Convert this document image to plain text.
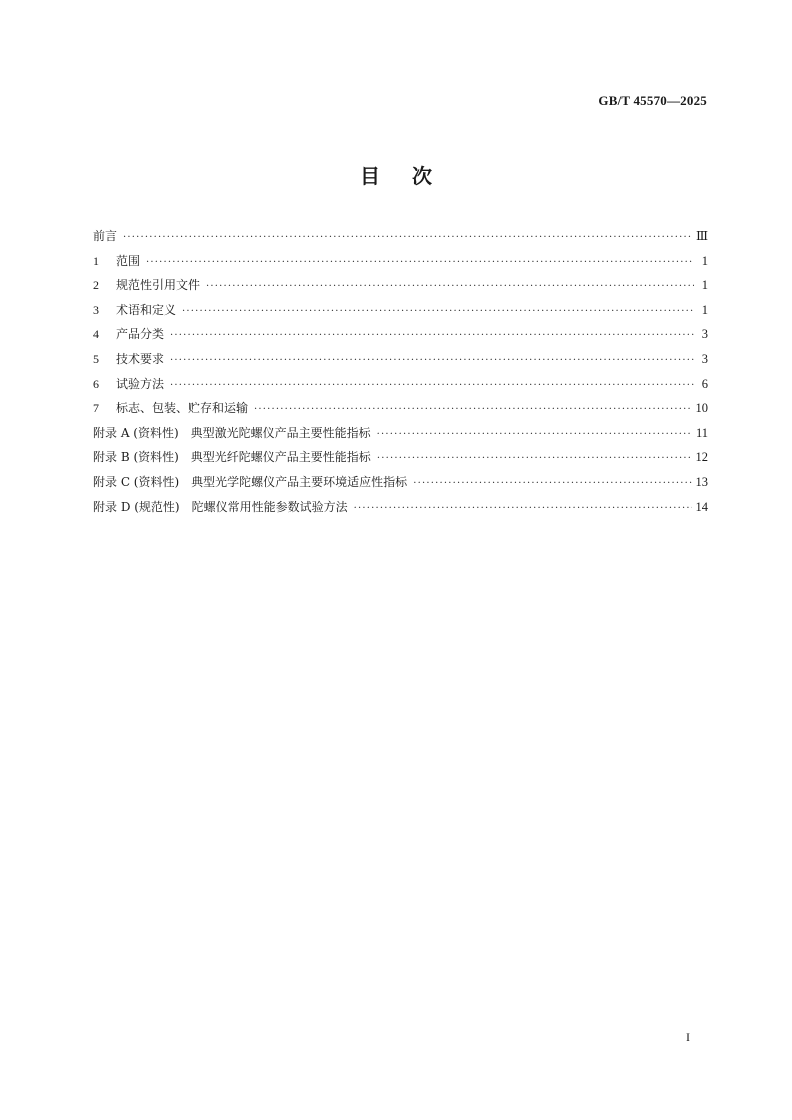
GB/T 45570—2025
目次
前言 ·····	Ⅲ
1	范围 ·····	1
2	规范性引用文件 ·····	1
3	术语和定义 ·····	1
4	产品分类 ·····	3
5	技术要求 ·····	3
6	试验方法 ·····	6
7	标志、包装、贮存和运输 ·····	10
附录 A (资料性)　典型激光陀螺仪产品主要性能指标 ·····	11
附录 B (资料性)　典型光纤陀螺仪产品主要性能指标 ·····	12
附录 C (资料性)　典型光学陀螺仪产品主要环境适应性指标 ·····	13
附录 D (规范性)　陀螺仪常用性能参数试验方法 ·····	14
I
